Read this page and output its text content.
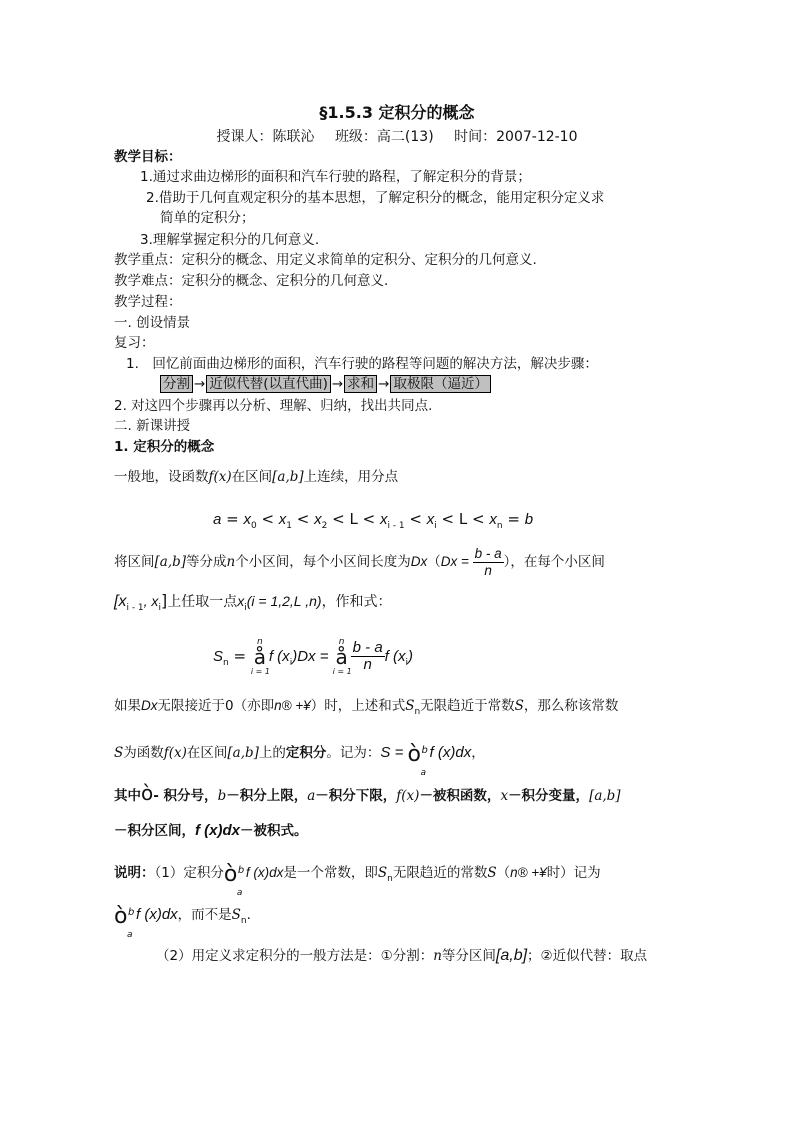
§1.5.3 定积分的概念
授课人：陈联沁 班级：高二(13) 时间：2007-12-10
教学目标：
1.通过求曲边梯形的面积和汽车行驶的路程，了解定积分的背景；
2.借助于几何直观定积分的基本思想，了解定积分的概念，能用定积分定义求
简单的定积分；
3.理解掌握定积分的几何意义.
教学重点：定积分的概念、用定义求简单的定积分、定积分的几何意义.
教学难点：定积分的概念、定积分的几何意义.
教学过程：
一. 创设情景
复习：
1.　回忆前面曲边梯形的面积，汽车行驶的路程等问题的解决方法，解决步骤：
分割 → 近似代替(以直代曲) → 求和 → 取极限（逼近）
2. 对这四个步骤再以分析、理解、归纳，找出共同点.
二. 新课讲授
1. 定积分的概念
一般地，设函数f(x)在区间[a,b]上连续，用分点
$a = x_0 < x_1 < x_2 < L < x_{i - 1} < x_i < L < x_n = b$
将区间[a,b]等分成n个小区间，每个小区间长度为$Dx(Dx = \frac{b - a}{n}$ ），在每个小区间
[$x_{i - 1}$, $x_i$]上任取一点$x_i(i = 1,2,L$ ,n)，作和式：
$S_n$ =
n
å
i = 1
f $(x_i)Dx$ =
n
å
i = 1
$\frac{b - a}{n}$ f $(x_i)$
如果Dx无限接近于0（亦即n® +¥）时，上述和式$S_n$无限趋近于常数S，那么称该常数
S为函数f(x)在区间[a,b]上的定积分。记为：S = ò b
a
f (x)dx，
其中ò- 积分号，b－积分上限，a－积分下限，f(x)－被积函数，x－积分变量，[a,b]
－积分区间，f (x)dx－被积式。
说明：（1）定积分 ò b
a
f (x)dx是一个常数，即$S_n$无限趋近的常数S（n® +¥时）记为
ò b
a
f (x)dx，而不是$S_n$.
（2）用定义求定积分的一般方法是：①分割：n等分区间[a,b]；②近似代替：取点
